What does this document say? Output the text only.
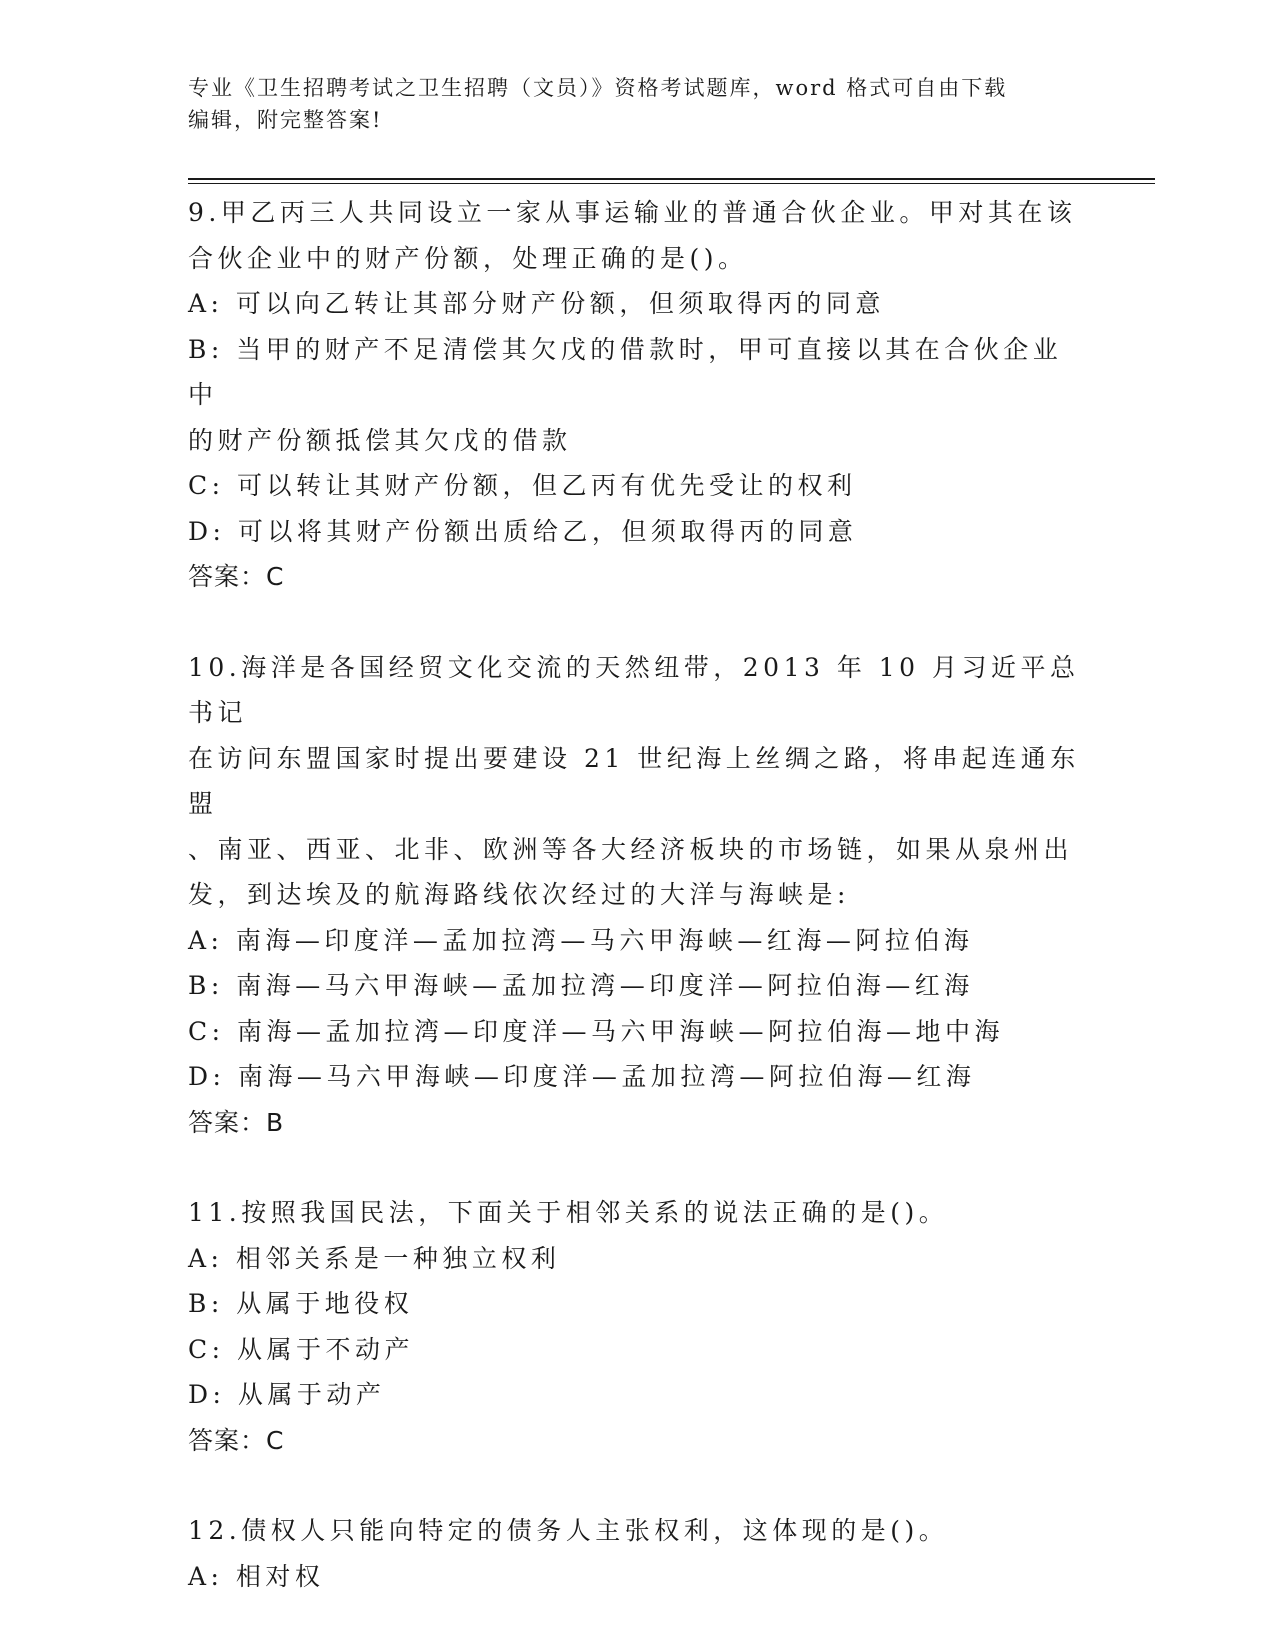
专业《卫生招聘考试之卫生招聘（文员）》资格考试题库，word 格式可自由下载
编辑，附完整答案!
9.甲乙丙三人共同设立一家从事运输业的普通合伙企业。甲对其在该
合伙企业中的财产份额，处理正确的是()。
A: 可以向乙转让其部分财产份额，但须取得丙的同意
B: 当甲的财产不足清偿其欠戊的借款时，甲可直接以其在合伙企业中
的财产份额抵偿其欠戊的借款
C: 可以转让其财产份额，但乙丙有优先受让的权利
D: 可以将其财产份额出质给乙，但须取得丙的同意
答案：C
10.海洋是各国经贸文化交流的天然纽带，2013 年 10 月习近平总书记
在访问东盟国家时提出要建设 21 世纪海上丝绸之路，将串起连通东盟
、南亚、西亚、北非、欧洲等各大经济板块的市场链，如果从泉州出
发，到达埃及的航海路线依次经过的大洋与海峡是:
A: 南海—印度洋—孟加拉湾—马六甲海峡—红海—阿拉伯海
B: 南海—马六甲海峡—孟加拉湾—印度洋—阿拉伯海—红海
C: 南海—孟加拉湾—印度洋—马六甲海峡—阿拉伯海—地中海
D: 南海—马六甲海峡—印度洋—孟加拉湾—阿拉伯海—红海
答案：B
11.按照我国民法，下面关于相邻关系的说法正确的是()。
A: 相邻关系是一种独立权利
B: 从属于地役权
C: 从属于不动产
D: 从属于动产
答案：C
12.债权人只能向特定的债务人主张权利，这体现的是()。
A: 相对权
